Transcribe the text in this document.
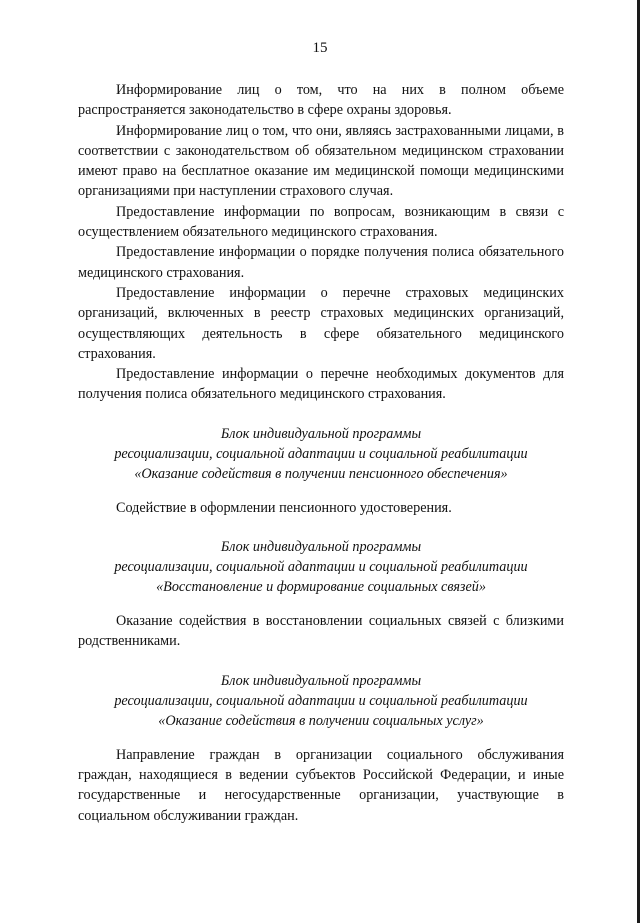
15

Информирование лиц о том, что на них в полном объеме распространяется законодательство в сфере охраны здоровья.

Информирование лиц о том, что они, являясь застрахованными лицами, в соответствии с законодательством об обязательном медицинском страховании имеют право на бесплатное оказание им медицинской помощи медицинскими организациями при наступлении страхового случая.

Предоставление информации по вопросам, возникающим в связи с осуществлением обязательного медицинского страхования.

Предоставление информации о порядке получения полиса обязательного медицинского страхования.

Предоставление информации о перечне страховых медицинских организаций, включенных в реестр страховых медицинских организаций, осуществляющих деятельность в сфере обязательного медицинского страхования.

Предоставление информации о перечне необходимых документов для получения полиса обязательного медицинского страхования.

Блок индивидуальной программы
ресоциализации, социальной адаптации и социальной реабилитации
«Оказание содействия в получении пенсионного обеспечения»

Содействие в оформлении пенсионного удостоверения.

Блок индивидуальной программы
ресоциализации, социальной адаптации и социальной реабилитации
«Восстановление и формирование социальных связей»

Оказание содействия в восстановлении социальных связей с близкими родственниками.

Блок индивидуальной программы
ресоциализации, социальной адаптации и социальной реабилитации
«Оказание содействия в получении социальных услуг»

Направление граждан в организации социального обслуживания граждан, находящиеся в ведении субъектов Российской Федерации, и иные государственные и негосударственные организации, участвующие в социальном обслуживании граждан.
